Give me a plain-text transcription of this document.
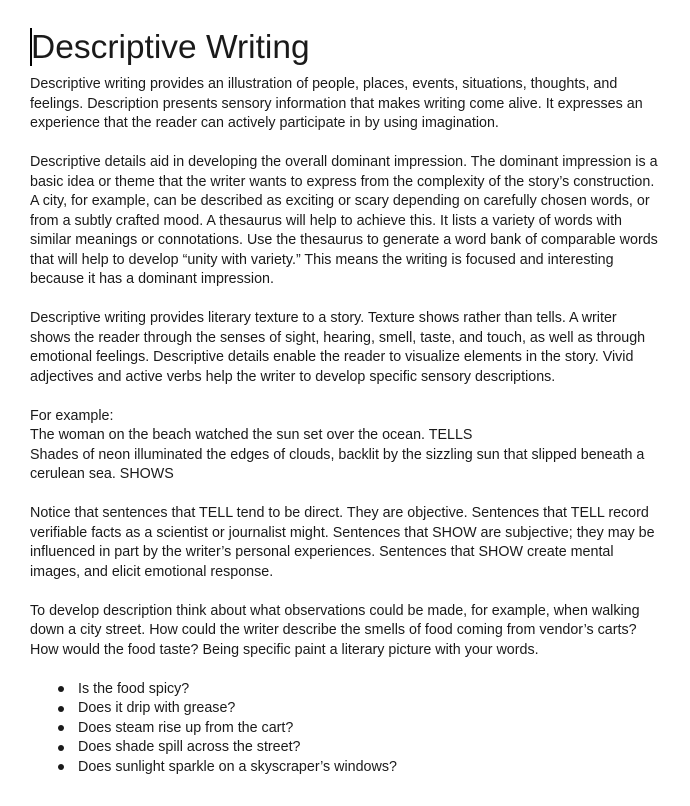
Descriptive Writing

Descriptive writing provides an illustration of people, places, events, situations, thoughts, and feelings. Description presents sensory information that makes writing come alive. It expresses an experience that the reader can actively participate in by using imagination.

Descriptive details aid in developing the overall dominant impression. The dominant impression is a basic idea or theme that the writer wants to express from the complexity of the story’s construction. A city, for example, can be described as exciting or scary depending on carefully chosen words, or from a subtly crafted mood. A thesaurus will help to achieve this. It lists a variety of words with similar meanings or connotations. Use the thesaurus to generate a word bank of comparable words that will help to develop “unity with variety.” This means the writing is focused and interesting because it has a dominant impression.

Descriptive writing provides literary texture to a story. Texture shows rather than tells. A writer shows the reader through the senses of sight, hearing, smell, taste, and touch, as well as through emotional feelings. Descriptive details enable the reader to visualize elements in the story. Vivid adjectives and active verbs help the writer to develop specific sensory descriptions.

For example:
The woman on the beach watched the sun set over the ocean. TELLS
Shades of neon illuminated the edges of clouds, backlit by the sizzling sun that slipped beneath a cerulean sea. SHOWS

Notice that sentences that TELL tend to be direct. They are objective. Sentences that TELL record verifiable facts as a scientist or journalist might. Sentences that SHOW are subjective; they may be influenced in part by the writer’s personal experiences. Sentences that SHOW create mental images, and elicit emotional response.

To develop description think about what observations could be made, for example, when walking down a city street. How could the writer describe the smells of food coming from vendor’s carts? How would the food taste? Being specific paint a literary picture with your words.

Is the food spicy?
Does it drip with grease?
Does steam rise up from the cart?
Does shade spill across the street?
Does sunlight sparkle on a skyscraper’s windows?
